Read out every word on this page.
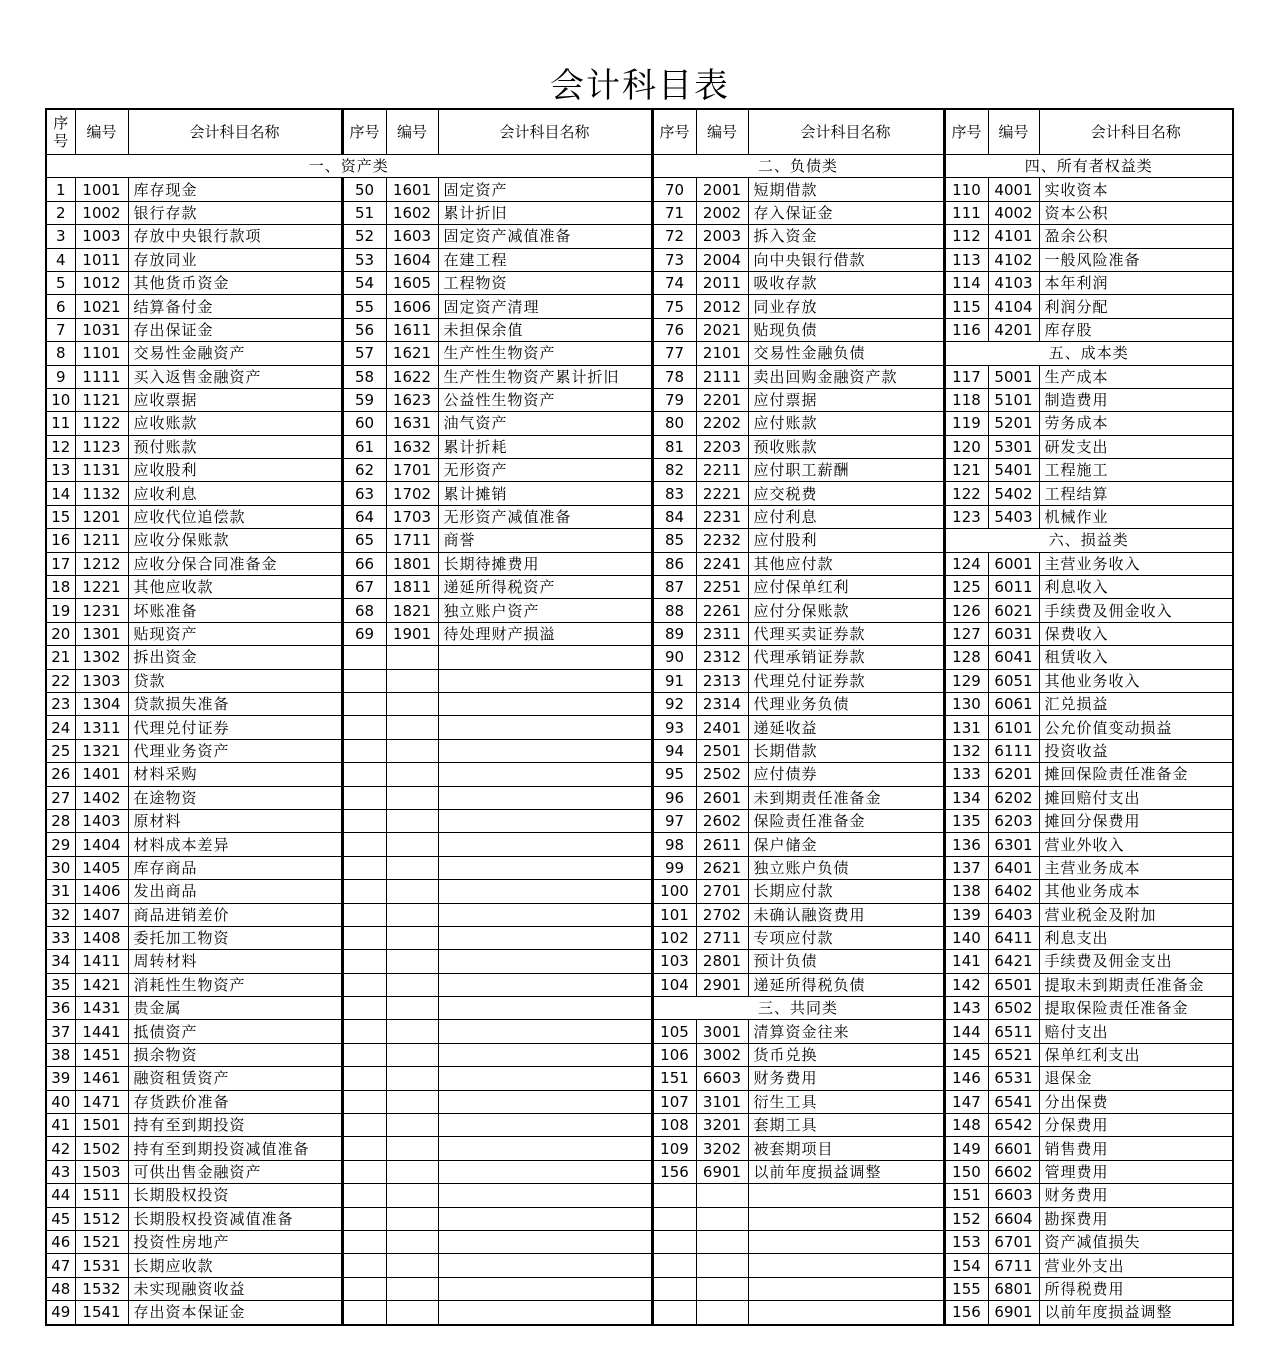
会计科目表
序
号	编号	会计科目名称	序号	编号	会计科目名称	序号	编号	会计科目名称	序号	编号	会计科目名称
一、资产类						二、负债类			四、所有者权益类		
1	1001	库存现金	50	1601	固定资产	70	2001	短期借款	110	4001	实收资本
2	1002	银行存款	51	1602	累计折旧	71	2002	存入保证金	111	4002	资本公积
3	1003	存放中央银行款项	52	1603	固定资产减值准备	72	2003	拆入资金	112	4101	盈余公积
4	1011	存放同业	53	1604	在建工程	73	2004	向中央银行借款	113	4102	一般风险准备
5	1012	其他货币资金	54	1605	工程物资	74	2011	吸收存款	114	4103	本年利润
6	1021	结算备付金	55	1606	固定资产清理	75	2012	同业存放	115	4104	利润分配
7	1031	存出保证金	56	1611	未担保余值	76	2021	贴现负债	116	4201	库存股
8	1101	交易性金融资产	57	1621	生产性生物资产	77	2101	交易性金融负债	五、成本类		
9	1111	买入返售金融资产	58	1622	生产性生物资产累计折旧	78	2111	卖出回购金融资产款	117	5001	生产成本
10	1121	应收票据	59	1623	公益性生物资产	79	2201	应付票据	118	5101	制造费用
11	1122	应收账款	60	1631	油气资产	80	2202	应付账款	119	5201	劳务成本
12	1123	预付账款	61	1632	累计折耗	81	2203	预收账款	120	5301	研发支出
13	1131	应收股利	62	1701	无形资产	82	2211	应付职工薪酬	121	5401	工程施工
14	1132	应收利息	63	1702	累计摊销	83	2221	应交税费	122	5402	工程结算
15	1201	应收代位追偿款	64	1703	无形资产减值准备	84	2231	应付利息	123	5403	机械作业
16	1211	应收分保账款	65	1711	商誉	85	2232	应付股利	六、损益类		
17	1212	应收分保合同准备金	66	1801	长期待摊费用	86	2241	其他应付款	124	6001	主营业务收入
18	1221	其他应收款	67	1811	递延所得税资产	87	2251	应付保单红利	125	6011	利息收入
19	1231	坏账准备	68	1821	独立账户资产	88	2261	应付分保账款	126	6021	手续费及佣金收入
20	1301	贴现资产	69	1901	待处理财产损溢	89	2311	代理买卖证券款	127	6031	保费收入
21	1302	拆出资金				90	2312	代理承销证券款	128	6041	租赁收入
22	1303	贷款				91	2313	代理兑付证券款	129	6051	其他业务收入
23	1304	贷款损失准备				92	2314	代理业务负债	130	6061	汇兑损益
24	1311	代理兑付证券				93	2401	递延收益	131	6101	公允价值变动损益
25	1321	代理业务资产				94	2501	长期借款	132	6111	投资收益
26	1401	材料采购				95	2502	应付债券	133	6201	摊回保险责任准备金
27	1402	在途物资				96	2601	未到期责任准备金	134	6202	摊回赔付支出
28	1403	原材料				97	2602	保险责任准备金	135	6203	摊回分保费用
29	1404	材料成本差异				98	2611	保户储金	136	6301	营业外收入
30	1405	库存商品				99	2621	独立账户负债	137	6401	主营业务成本
31	1406	发出商品				100	2701	长期应付款	138	6402	其他业务成本
32	1407	商品进销差价				101	2702	未确认融资费用	139	6403	营业税金及附加
33	1408	委托加工物资				102	2711	专项应付款	140	6411	利息支出
34	1411	周转材料				103	2801	预计负债	141	6421	手续费及佣金支出
35	1421	消耗性生物资产				104	2901	递延所得税负债	142	6501	提取未到期责任准备金
36	1431	贵金属				三、共同类			143	6502	提取保险责任准备金
37	1441	抵债资产				105	3001	清算资金往来	144	6511	赔付支出
38	1451	损余物资				106	3002	货币兑换	145	6521	保单红利支出
39	1461	融资租赁资产				151	6603	财务费用	146	6531	退保金
40	1471	存货跌价准备				107	3101	衍生工具	147	6541	分出保费
41	1501	持有至到期投资				108	3201	套期工具	148	6542	分保费用
42	1502	持有至到期投资减值准备				109	3202	被套期项目	149	6601	销售费用
43	1503	可供出售金融资产				156	6901	以前年度损益调整	150	6602	管理费用
44	1511	长期股权投资							151	6603	财务费用
45	1512	长期股权投资减值准备							152	6604	勘探费用
46	1521	投资性房地产							153	6701	资产减值损失
47	1531	长期应收款							154	6711	营业外支出
48	1532	未实现融资收益							155	6801	所得税费用
49	1541	存出资本保证金							156	6901	以前年度损益调整
